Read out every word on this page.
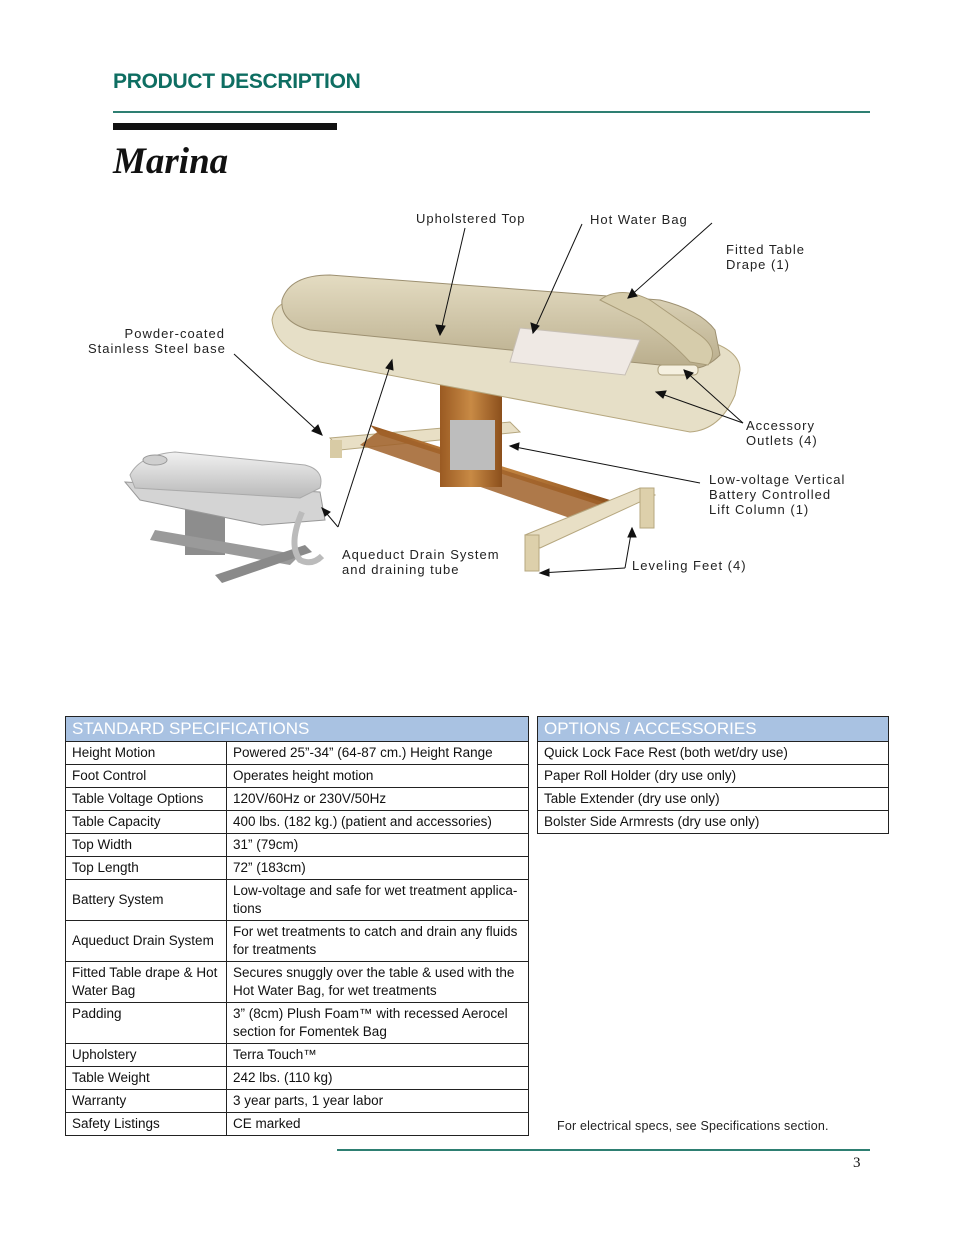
PRODUCT DESCRIPTION
Marina
Upholstered Top	Hot Water Bag
Fitted Table
Drape (1)
Powder-coated
Stainless Steel base
Accessory
Outlets (4)
Low-voltage Vertical
Battery Controlled
Lift Column (1)
Aqueduct Drain System
and draining tube	Leveling Feet (4)
STANDARD SPECIFICATIONS	
Height Motion	Powered 25”-34” (64-87 cm.) Height Range
Foot Control	Operates height motion
Table Voltage Options	120V/60Hz or 230V/50Hz
Table Capacity	400 lbs. (182 kg.) (patient and accessories)
Top Width	31” (79cm)
Top Length	72” (183cm)
Battery System	Low-voltage and safe for wet treatment applica-tions
Aqueduct Drain System	For wet treatments to catch and drain any fluids for treatments
Fitted Table drape & Hot Water Bag	Secures snuggly over the table & used with the Hot Water Bag, for wet treatments
Padding	3” (8cm) Plush Foam™ with recessed Aerocel section for Fomentek Bag
Upholstery	Terra Touch™
Table Weight	242 lbs. (110 kg)
Warranty	3 year parts, 1 year labor
Safety Listings	CE marked
OPTIONS / ACCESSORIES
Quick Lock Face Rest (both wet/dry use)
Paper Roll Holder (dry use only)
Table Extender (dry use only)
Bolster Side Armrests (dry use only)
For electrical specs, see Specifications section.
3
